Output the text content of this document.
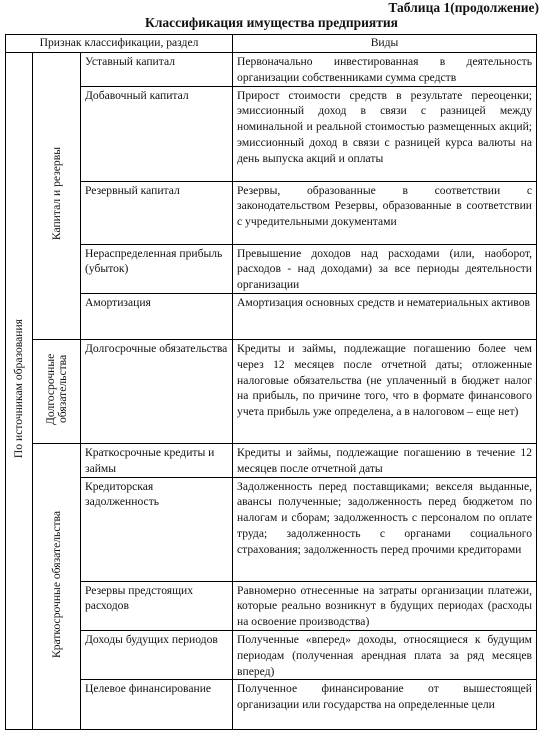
Таблица 1(продолжение)
Классификация имущества предприятия
Признак классификации, раздел			Виды
По источникам образования	Капитал и резервы	Уставный капитал	Первоначально инвестированная в деятельность организации собственниками сумма средств
		Добавочный капитал	Прирост стоимости средств в результате переоценки; эмиссионный доход в связи с разницей между номинальной и реальной стоимостью размещенных акций; эмиссионный доход в связи с разницей курса валюты на день выпуска акций и оплаты
		Резервный капитал	Резервы, образованные в соответствии с законодательством Резервы, образованные в соответствии с учредительными документами
		Нераспределенная прибыль (убыток)	Превышение доходов над расходами (или, наоборот, расходов - над доходами) за все периоды деятельности организации
		Амортизация	Амортизация основных средств и нематериальных активов
	Долгосрочные обязательства	Долгосрочные обязательства	Кредиты и займы, подлежащие погашению более чем через 12 месяцев после отчетной даты; отложенные налоговые обязательства (не уплаченный в бюджет налог на прибыль, по причине того, что в формате финансового учета прибыль уже определена, а в налоговом – еще нет)
	Краткосрочные обязательства	Краткосрочные кредиты и займы	Кредиты и займы, подлежащие погашению в течение 12 месяцев после отчетной даты
		Кредиторская задолженность	Задолженность перед поставщиками; векселя выданные, авансы полученные; задолженность перед бюджетом по налогам и сборам; задолженность с персоналом по оплате труда; задолженность с органами социального страхования; задолженность перед прочими кредиторами
		Резервы предстоящих расходов	Равномерно отнесенные на затраты организации платежи, которые реально возникнут в будущих периодах (расходы на освоение производства)
		Доходы будущих периодов	Полученные «вперед» доходы, относящиеся к будущим периодам (полученная арендная плата за ряд месяцев вперед)
		Целевое финансирование	Полученное финансирование от вышестоящей организации или государства на определенные цели
